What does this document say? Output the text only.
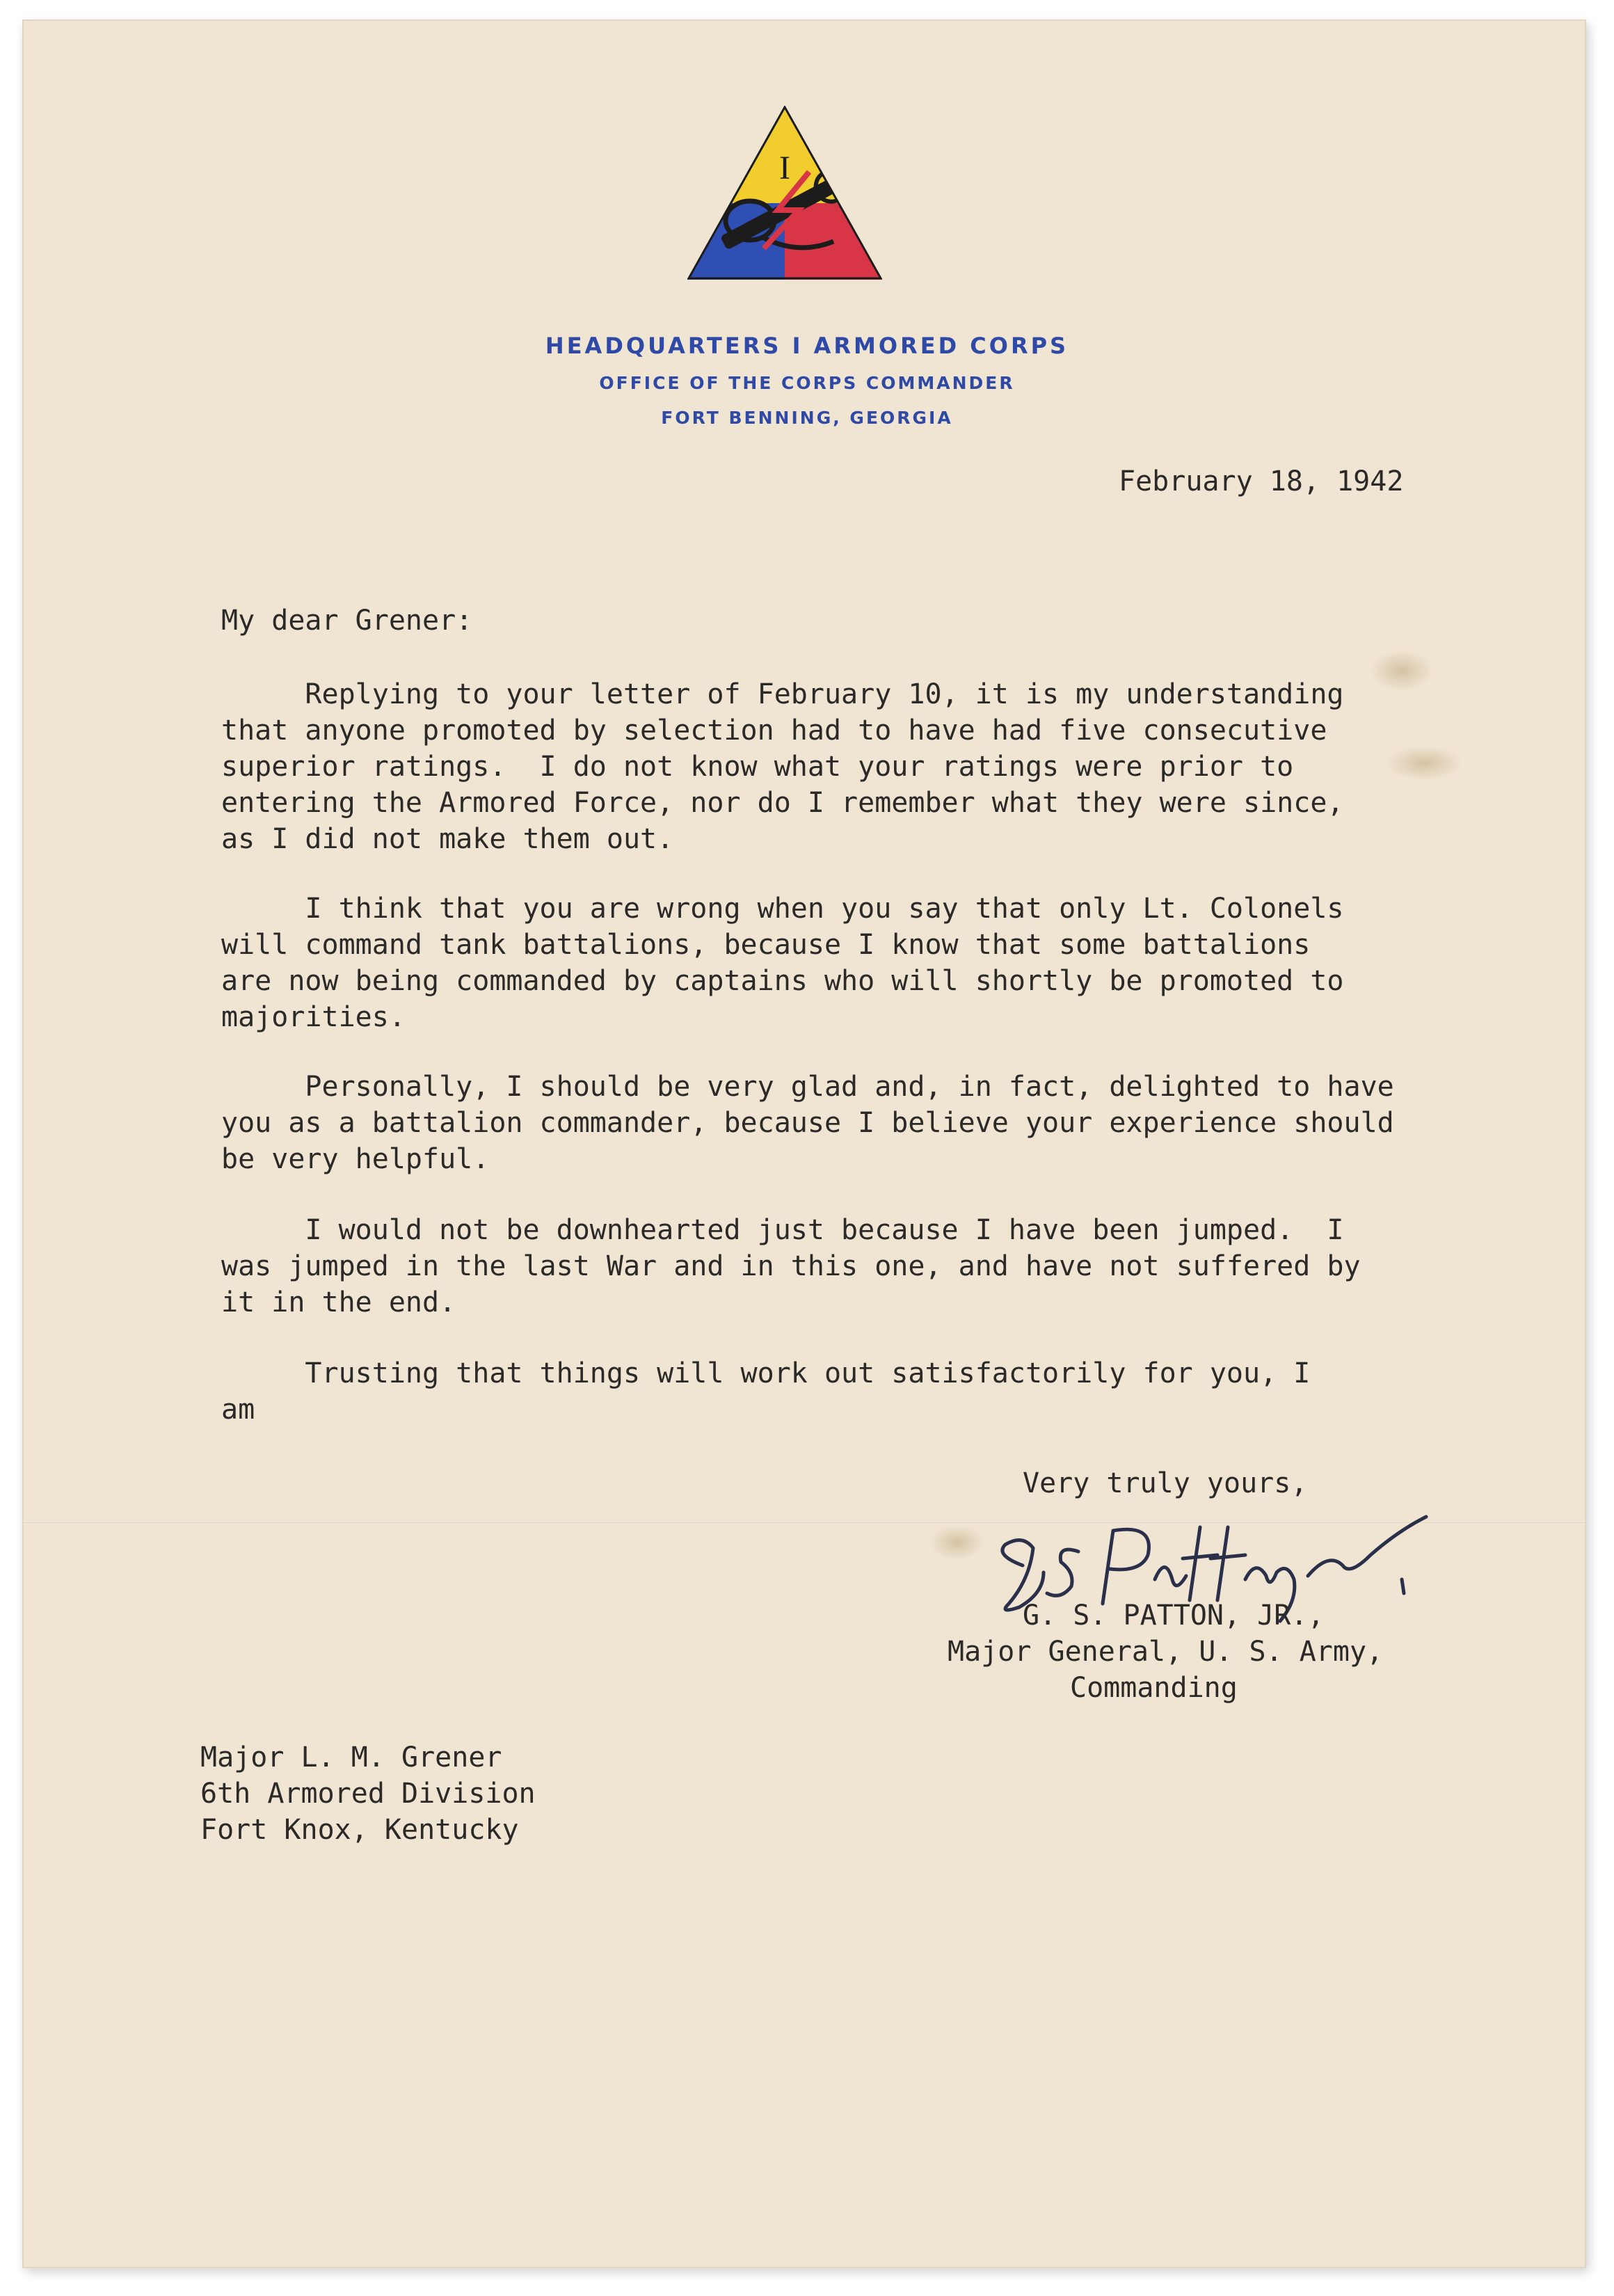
I
HEADQUARTERS I ARMORED CORPS
OFFICE OF THE CORPS COMMANDER
FORT BENNING, GEORGIA
February 18, 1942
My dear Grener:
Replying to your letter of February 10, it is my understanding
that anyone promoted by selection had to have had five consecutive
superior ratings.  I do not know what your ratings were prior to
entering the Armored Force, nor do I remember what they were since,
as I did not make them out.
I think that you are wrong when you say that only Lt. Colonels
will command tank battalions, because I know that some battalions
are now being commanded by captains who will shortly be promoted to
majorities.
Personally, I should be very glad and, in fact, delighted to have
you as a battalion commander, because I believe your experience should
be very helpful.
I would not be downhearted just because I have been jumped.  I
was jumped in the last War and in this one, and have not suffered by
it in the end.
Trusting that things will work out satisfactorily for you, I
am
Very truly yours,
G. S. PATTON, JR.,
Major General, U. S. Army,
Commanding
Major L. M. Grener
6th Armored Division
Fort Knox, Kentucky
